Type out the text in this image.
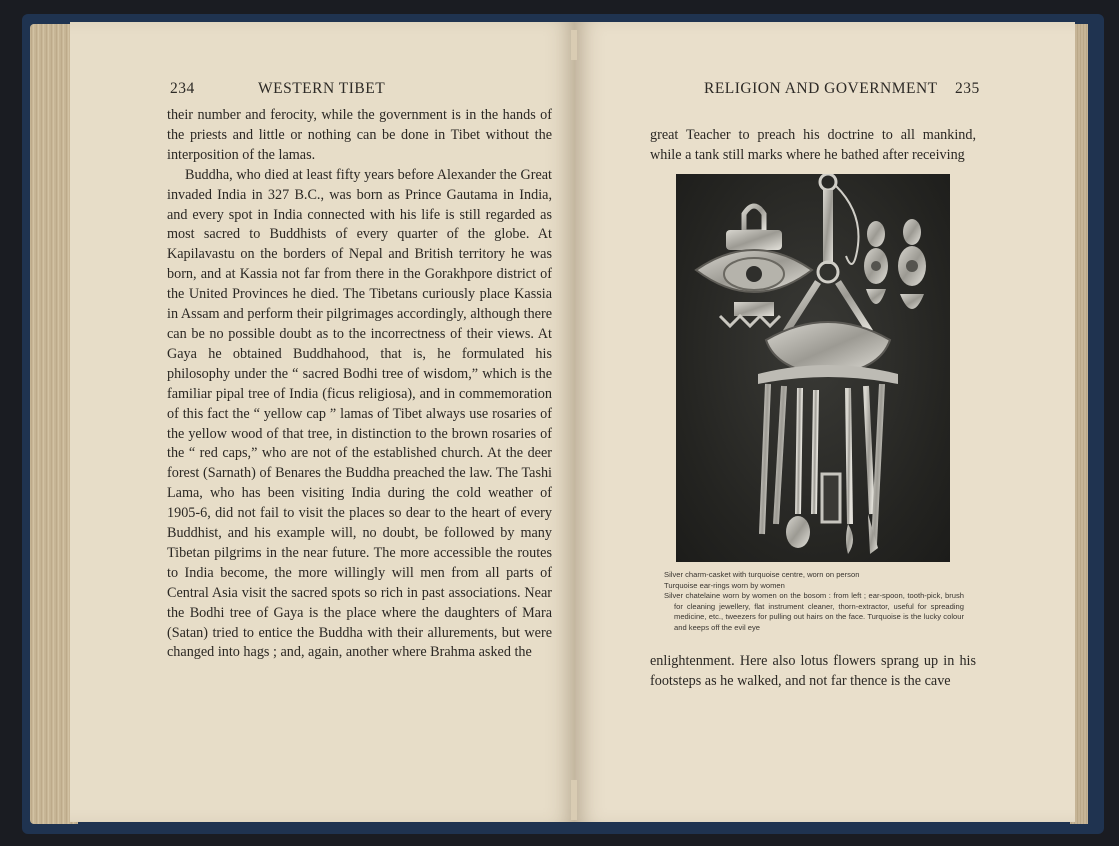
234	WESTERN TIBET

their number and ferocity, while the government is in the hands of the priests and little or nothing can be done in Tibet without the interposition of the lamas.

Buddha, who died at least fifty years before Alexander the Great invaded India in 327 B.C., was born as Prince Gautama in India, and every spot in India connected with his life is still regarded as most sacred to Buddhists of every quarter of the globe. At Kapilavastu on the borders of Nepal and British territory he was born, and at Kassia not far from there in the Gorakhpore district of the United Provinces he died. The Tibetans curiously place Kassia in Assam and perform their pilgrimages accordingly, although there can be no possible doubt as to the incorrectness of their views. At Gaya he obtained Buddhahood, that is, he formulated his philosophy under the “ sacred Bodhi tree of wisdom,” which is the familiar pipal tree of India (ficus religiosa), and in commemoration of this fact the “ yellow cap ” lamas of Tibet always use rosaries of the yellow wood of that tree, in distinction to the brown rosaries of the “ red caps,” who are not of the established church. At the deer forest (Sarnath) of Benares the Buddha preached the law. The Tashi Lama, who has been visiting India during the cold weather of 1905-6, did not fail to visit the places so dear to the heart of every Buddhist, and his example will, no doubt, be followed by many Tibetan pilgrims in the near future. The more accessible the routes to India become, the more willingly will men from all parts of Central Asia visit the sacred spots so rich in past associations. Near the Bodhi tree of Gaya is the place where the daughters of Mara (Satan) tried to entice the Buddha with their allurements, but were changed into hags ; and, again, another where Brahma asked the

RELIGION AND GOVERNMENT 235

great Teacher to preach his doctrine to all mankind, while a tank still marks where he bathed after receiving

Silver charm-casket with turquoise centre, worn on person
Turquoise ear-rings worn by women
Silver chatelaine worn by women on the bosom : from left ; ear-spoon, tooth-pick, brush for cleaning jewellery, flat instrument cleaner, thorn-extractor, useful for spreading medicine, etc., tweezers for pulling out hairs on the face. Turquoise is the lucky colour and keeps off the evil eye

enlightenment. Here also lotus flowers sprang up in his footsteps as he walked, and not far thence is the cave
